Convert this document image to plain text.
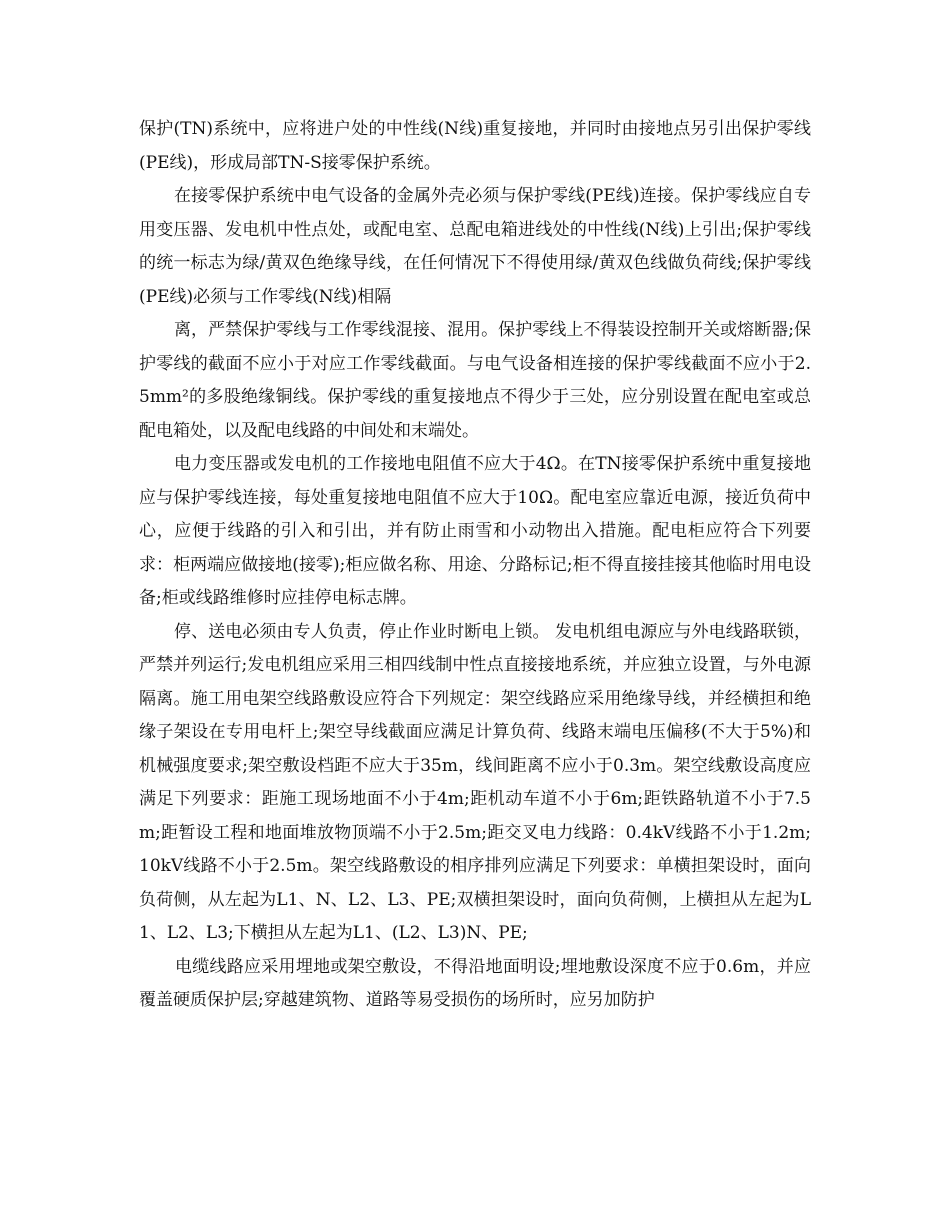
保护(TN)系统中，应将进户处的中性线(N线)重复接地，并同时由接地点另引出保护零线(PE线)，形成局部TN-S接零保护系统。

在接零保护系统中电气设备的金属外壳必须与保护零线(PE线)连接。保护零线应自专用变压器、发电机中性点处，或配电室、总配电箱进线处的中性线(N线)上引出;保护零线的统一标志为绿/黄双色绝缘导线，在任何情况下不得使用绿/黄双色线做负荷线;保护零线(PE线)必须与工作零线(N线)相隔

离，严禁保护零线与工作零线混接、混用。保护零线上不得装设控制开关或熔断器;保护零线的截面不应小于对应工作零线截面。与电气设备相连接的保护零线截面不应小于2.5mm²的多股绝缘铜线。保护零线的重复接地点不得少于三处，应分别设置在配电室或总配电箱处，以及配电线路的中间处和末端处。

电力变压器或发电机的工作接地电阻值不应大于4Ω。在TN接零保护系统中重复接地应与保护零线连接，每处重复接地电阻值不应大于10Ω。配电室应靠近电源，接近负荷中心，应便于线路的引入和引出，并有防止雨雪和小动物出入措施。配电柜应符合下列要求：柜两端应做接地(接零);柜应做名称、用途、分路标记;柜不得直接挂接其他临时用电设备;柜或线路维修时应挂停电标志牌。

停、送电必须由专人负责，停止作业时断电上锁。 发电机组电源应与外电线路联锁，严禁并列运行;发电机组应采用三相四线制中性点直接接地系统，并应独立设置，与外电源隔离。施工用电架空线路敷设应符合下列规定：架空线路应采用绝缘导线，并经横担和绝缘子架设在专用电杆上;架空导线截面应满足计算负荷、线路末端电压偏移(不大于5%)和机械强度要求;架空敷设档距不应大于35m，线间距离不应小于0.3m。架空线敷设高度应满足下列要求：距施工现场地面不小于4m;距机动车道不小于6m;距铁路轨道不小于7.5m;距暂设工程和地面堆放物顶端不小于2.5m;距交叉电力线路：0.4kV线路不小于1.2m;10kV线路不小于2.5m。架空线路敷设的相序排列应满足下列要求：单横担架设时，面向负荷侧，从左起为L1、N、L2、L3、PE;双横担架设时，面向负荷侧，上横担从左起为L1、L2、L3;下横担从左起为L1、(L2、L3)N、PE;

电缆线路应采用埋地或架空敷设，不得沿地面明设;埋地敷设深度不应于0.6m，并应覆盖硬质保护层;穿越建筑物、道路等易受损伤的场所时，应另加防护
